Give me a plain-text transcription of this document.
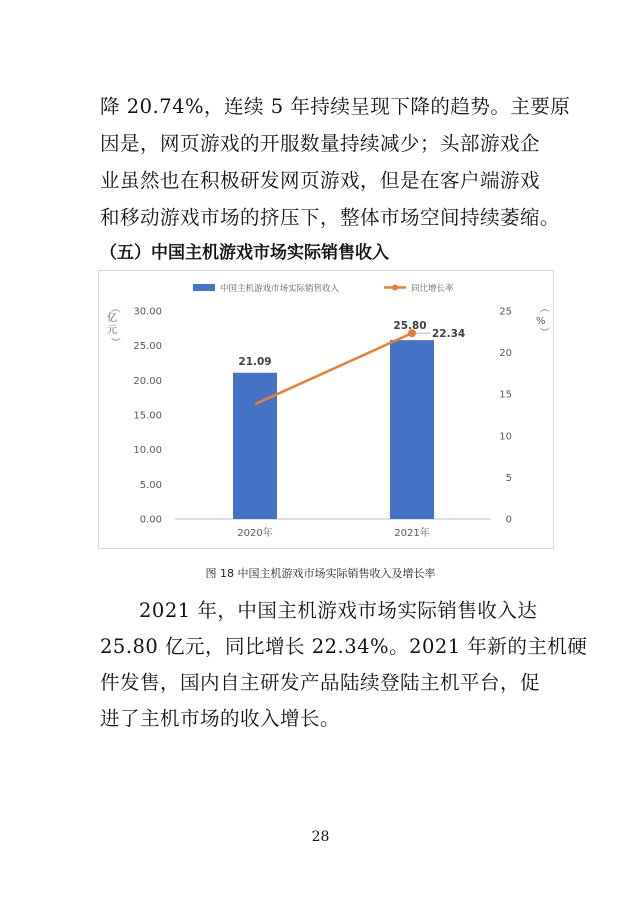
降 20.74%，连续 5 年持续呈现下降的趋势。主要原
因是，网页游戏的开服数量持续减少；头部游戏企
业虽然也在积极研发网页游戏，但是在客户端游戏
和移动游戏市场的挤压下，整体市场空间持续萎缩。
（五）中国主机游戏市场实际销售收入
中国主机游戏市场实际销售收入	同比增长率
（
亿
元
）
（
%
）
0.00
5.00
10.00
15.00
20.00
25.00
30.00
0
5
10
15
20
25
21.09
25.80
22.34
2020年	2021年
图 18 中国主机游戏市场实际销售收入及增长率
2021 年，中国主机游戏市场实际销售收入达
25.80 亿元，同比增长 22.34%。2021 年新的主机硬
件发售，国内自主研发产品陆续登陆主机平台，促
进了主机市场的收入增长。
28
